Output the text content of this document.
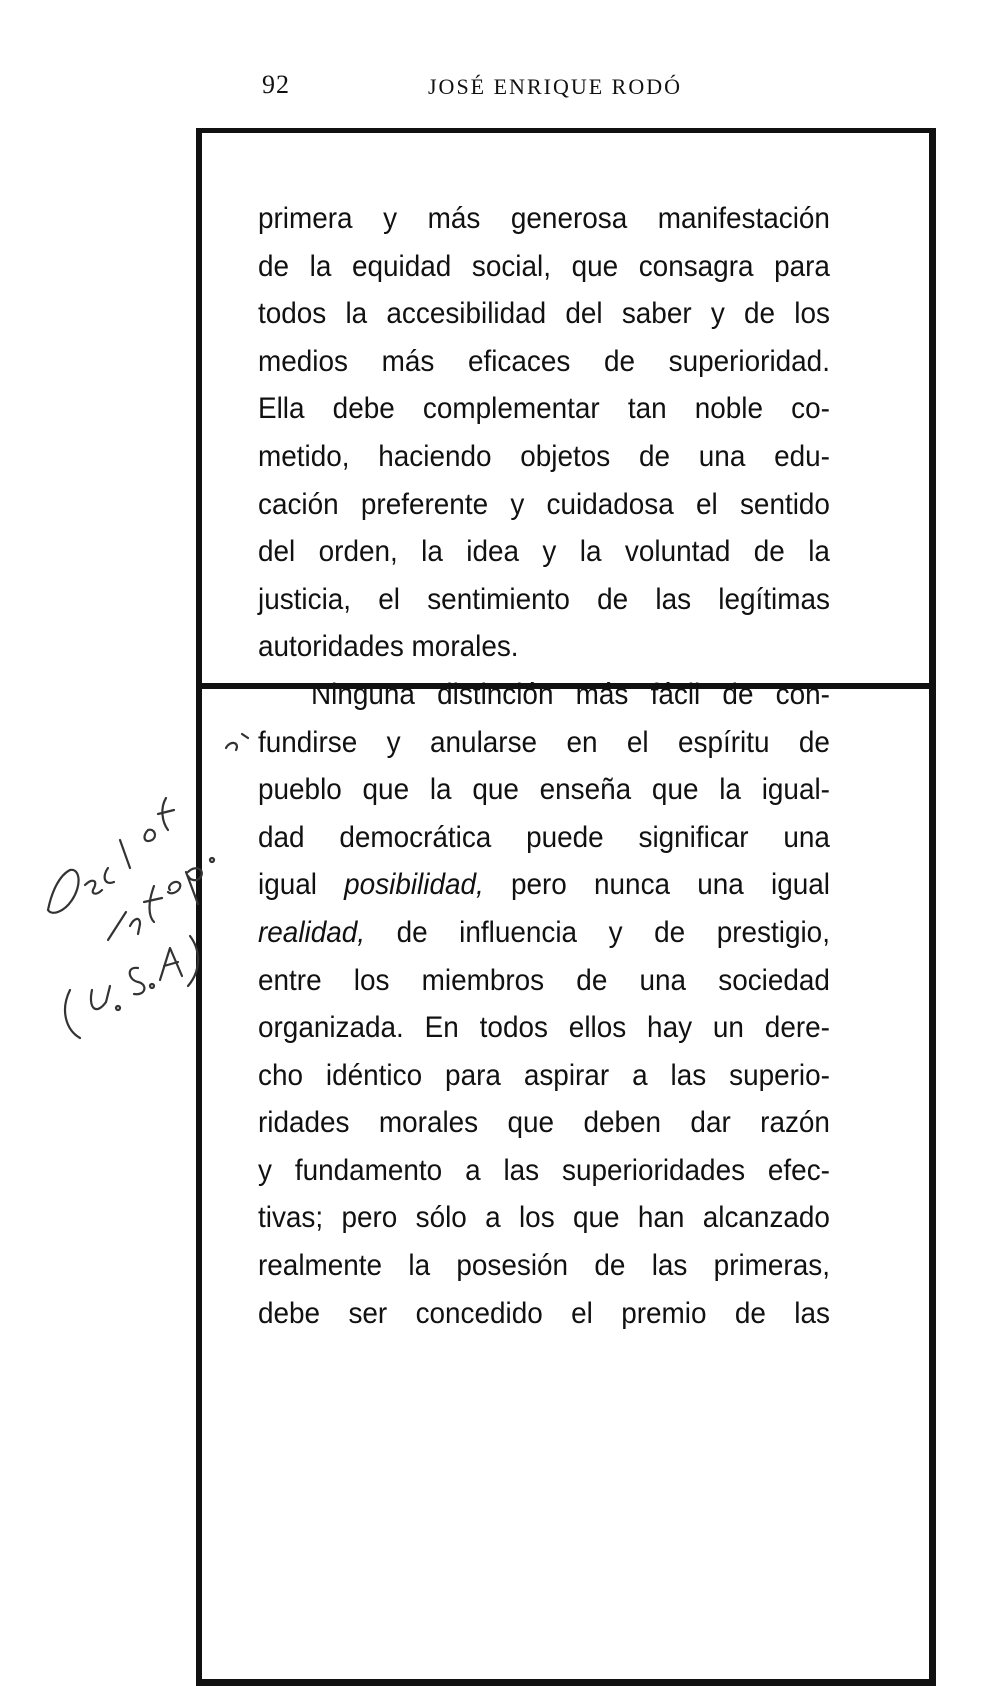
92	JOSÉ ENRIQUE RODÓ
primera y más generosa manifestación
de la equidad social, que consagra para
todos la accesibilidad del saber y de los
medios más eficaces de superioridad.
Ella debe complementar tan noble co-
metido, haciendo objetos de una edu-
cación preferente y cuidadosa el sentido
del orden, la idea y la voluntad de la
justicia, el sentimiento de las legítimas
autoridades morales.
Ninguna distinción más fácil de con-
fundirse y anularse en el espíritu de
pueblo que la que enseña que la igual-
dad democrática puede significar una
igual posibilidad, pero nunca una igual
realidad, de influencia y de prestigio,
entre los miembros de una sociedad
organizada. En todos ellos hay un dere-
cho idéntico para aspirar a las superio-
ridades morales que deben dar razón
y fundamento a las superioridades efec-
tivas; pero sólo a los que han alcanzado
realmente la posesión de las primeras,
debe ser concedido el premio de las
